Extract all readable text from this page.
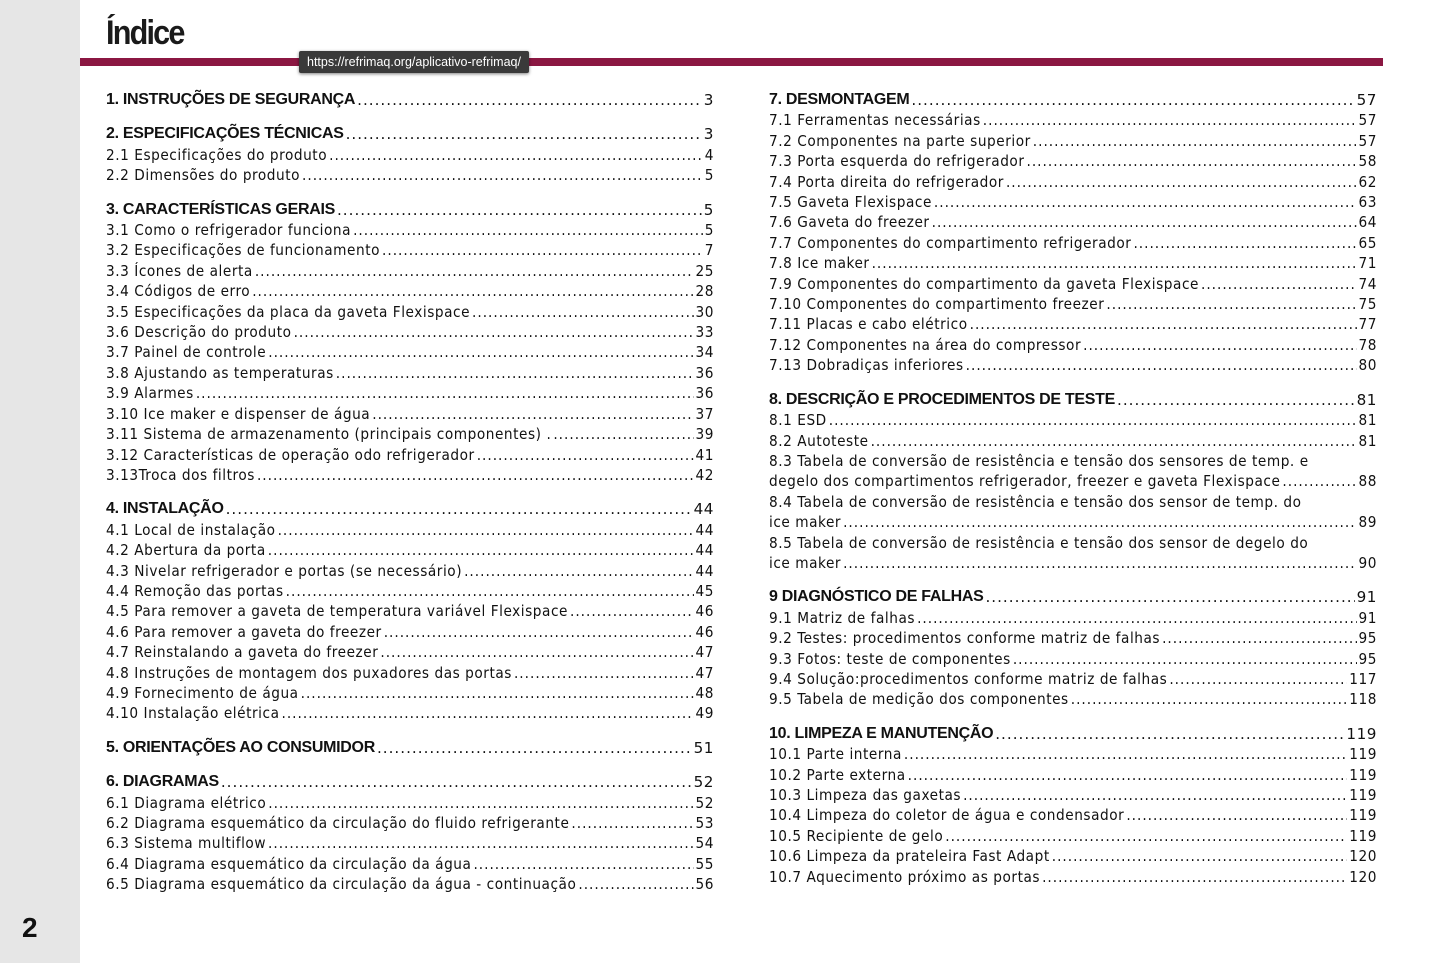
2
Índice
https://refrimaq.org/aplicativo-refrimaq/
1. INSTRUÇÕES DE SEGURANÇA .....	3
2. ESPECIFICAÇÕES TÉCNICAS .....	3
2.1 Especificações do produto .....	4
2.2 Dimensões do produto .....	5
3. CARACTERÍSTICAS GERAIS .....	5
3.1 Como o refrigerador funciona .....	5
3.2 Especificações de funcionamento .....	7
3.3 Ícones de alerta .....	25
3.4 Códigos de erro .....	28
3.5 Especificações da placa da gaveta Flexispace .....	30
3.6 Descrição do produto .....	33
3.7 Painel de controle .....	34
3.8 Ajustando as temperaturas .....	36
3.9 Alarmes .....	36
3.10 Ice maker e dispenser de água .....	37
3.11 Sistema de armazenamento (principais componentes) . .....	39
3.12 Características de operação odo refrigerador .....	41
3.13Troca dos filtros .....	42
4. INSTALAÇÃO .....	44
4.1 Local de instalação .....	44
4.2 Abertura da porta .....	44
4.3 Nivelar refrigerador e portas (se necessário) .....	44
4.4 Remoção das portas .....	45
4.5 Para remover a gaveta de temperatura variável Flexispace .....	46
4.6 Para remover a gaveta do freezer .....	46
4.7 Reinstalando a gaveta do freezer .....	47
4.8 Instruções de montagem dos puxadores das portas .....	47
4.9 Fornecimento de água .....	48
4.10 Instalação elétrica .....	49
5. ORIENTAÇÕES AO CONSUMIDOR .....	51
6. DIAGRAMAS .....	52
6.1 Diagrama elétrico .....	52
6.2 Diagrama esquemático da circulação do fluido refrigerante .....	53
6.3 Sistema multiflow .....	54
6.4 Diagrama esquemático da circulação da água .....	55
6.5 Diagrama esquemático da circulação da água - continuação .....	56
7. DESMONTAGEM .....	57
7.1 Ferramentas necessárias .....	57
7.2 Componentes na parte superior .....	57
7.3 Porta esquerda do refrigerador .....	58
7.4 Porta direita do refrigerador .....	62
7.5 Gaveta Flexispace .....	63
7.6 Gaveta do freezer .....	64
7.7 Componentes do compartimento refrigerador .....	65
7.8 Ice maker .....	71
7.9 Componentes do compartimento da gaveta Flexispace .....	74
7.10 Componentes do compartimento freezer .....	75
7.11 Placas e cabo elétrico .....	77
7.12 Componentes na área do compressor .....	78
7.13 Dobradiças inferiores .....	80
8. DESCRIÇÃO E PROCEDIMENTOS DE TESTE .....	81
8.1 ESD .....	81
8.2 Autoteste .....	81
8.3 Tabela de conversão de resistência e tensão dos sensores de temp. e
degelo dos compartimentos refrigerador, freezer e gaveta Flexispace .....	88
8.4 Tabela de conversão de resistência e tensão dos sensor de temp. do
ice maker .....	89
8.5 Tabela de conversão de resistência e tensão dos sensor de degelo do
ice maker .....	90
9 DIAGNÓSTICO DE FALHAS .....	91
9.1 Matriz de falhas .....	91
9.2 Testes: procedimentos conforme matriz de falhas .....	95
9.3 Fotos: teste de componentes .....	95
9.4 Solução:procedimentos conforme matriz de falhas .....	117
9.5 Tabela de medição dos componentes .....	118
10. LIMPEZA E MANUTENÇÃO .....	119
10.1 Parte interna .....	119
10.2 Parte externa .....	119
10.3 Limpeza das gaxetas .....	119
10.4 Limpeza do coletor de água e condensador .....	119
10.5 Recipiente de gelo .....	119
10.6 Limpeza da prateleira Fast Adapt .....	120
10.7 Aquecimento próximo as portas .....	120
